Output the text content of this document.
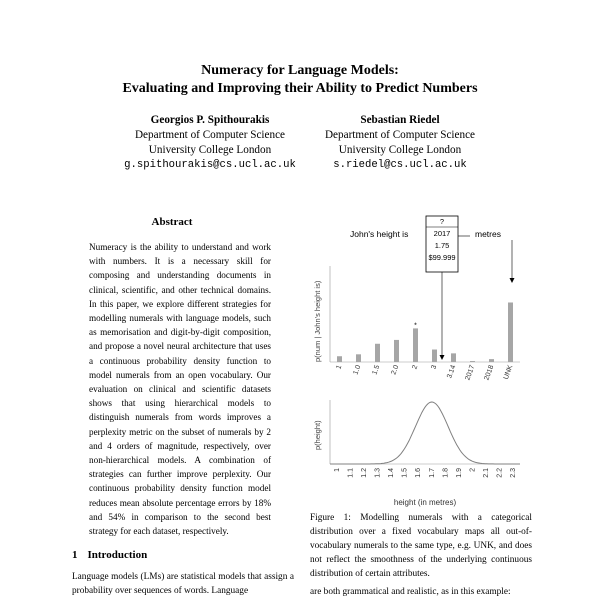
Numeracy for Language Models:
Evaluating and Improving their Ability to Predict Numbers
Georgios P. Spithourakis
Department of Computer Science
University College London
g.spithourakis@cs.ucl.ac.uk
Sebastian Riedel
Department of Computer Science
University College London
s.riedel@cs.ucl.ac.uk
Abstract
Numeracy is the ability to understand and work with numbers. It is a necessary skill for composing and understanding documents in clinical, scientific, and other technical domains. In this paper, we explore different strategies for modelling numerals with language models, such as memorisation and digit-by-digit composition, and propose a novel neural architecture that uses a continuous probability density function to model numerals from an open vocabulary. Our evaluation on clinical and scientific datasets shows that using hierarchical models to distinguish numerals from words improves a perplexity metric on the subset of numerals by 2 and 4 orders of magnitude, respectively, over non-hierarchical models. A combination of strategies can further improve perplexity. Our continuous probability density function model reduces mean absolute percentage errors by 18% and 54% in comparison to the second best strategy for each dataset, respectively.
1 Introduction
Language models (LMs) are statistical models that assign a probability over sequences of words. Language
John's height is	metres
?
2017
1.75
$99.999
p(num | John's height is)	*
1 1.0 1.5 2.0 2 3 3.14 2017 2018 UNK
p(height)
1 1.1 1.2 1.3 1.4 1.5 1.6 1.7 1.8 1.9 2 2.1 2.2 2.3
height (in metres)
Figure 1: Modelling numerals with a categorical distribution over a fixed vocabulary maps all out-of-vocabulary numerals to the same type, e.g. UNK, and does not reflect the smoothness of the underlying continuous distribution of certain attributes.
are both grammatical and realistic, as in this example:
